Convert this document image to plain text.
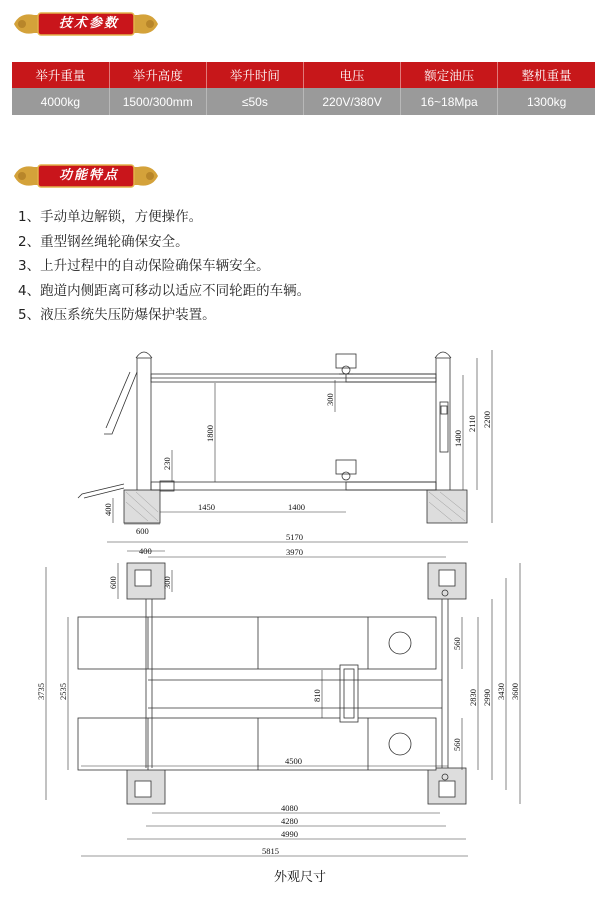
技术参数
举升重量	举升高度	举升时间	电压	额定油压	整机重量
4000kg	1500/300mm	≤50s	220V/380V	16~18Mpa	1300kg
功能特点
1、手动单边解锁，方便操作。
2、重型钢丝绳轮确保安全。
3、上升过程中的自动保险确保车辆安全。
4、跑道内侧距离可移动以适应不同轮距的车辆。
5、液压系统失压防爆保护装置。
1800
230
300
1400
2110 2200
1450	1400
400
600
5170
3970
400
600	300
3735 2535	810
560
560
2830 2990 3430 3600
4500
4080
4280
4990
5815
外观尺寸
